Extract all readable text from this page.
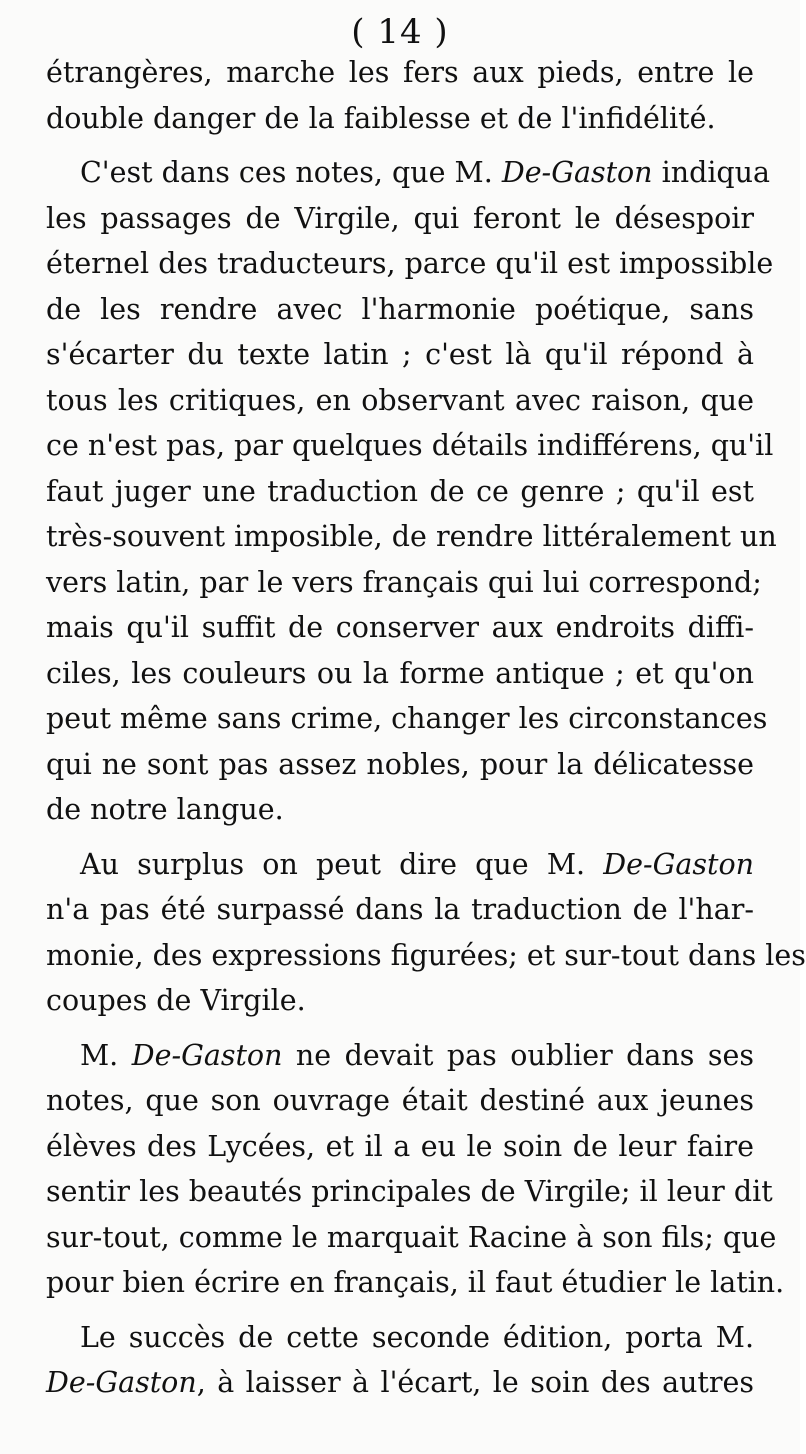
( 14 )
étrangères, marche les fers aux pieds, entre le
double danger de la faiblesse et de l'infidélité.
C'est dans ces notes, que M. De-Gaston indiqua
les passages de Virgile, qui feront le désespoir
éternel des traducteurs, parce qu'il est impossible
de les rendre avec l'harmonie poétique, sans
s'écarter du texte latin ; c'est là qu'il répond à
tous les critiques, en observant avec raison, que
ce n'est pas, par quelques détails indifférens, qu'il
faut juger une traduction de ce genre ; qu'il est
très-souvent imposible, de rendre littéralement un
vers latin, par le vers français qui lui correspond;
mais qu'il suffit de conserver aux endroits diffi-
ciles, les couleurs ou la forme antique ; et qu'on
peut même sans crime, changer les circonstances
qui ne sont pas assez nobles, pour la délicatesse
de notre langue.
Au surplus on peut dire que M. De-Gaston
n'a pas été surpassé dans la traduction de l'har-
monie, des expressions figurées; et sur-tout dans les
coupes de Virgile.
M. De-Gaston ne devait pas oublier dans ses
notes, que son ouvrage était destiné aux jeunes
élèves des Lycées, et il a eu le soin de leur faire
sentir les beautés principales de Virgile; il leur dit
sur-tout, comme le marquait Racine à son fils; que
pour bien écrire en français, il faut étudier le latin.
Le succès de cette seconde édition, porta M.
De-Gaston, à laisser à l'écart, le soin des autres
